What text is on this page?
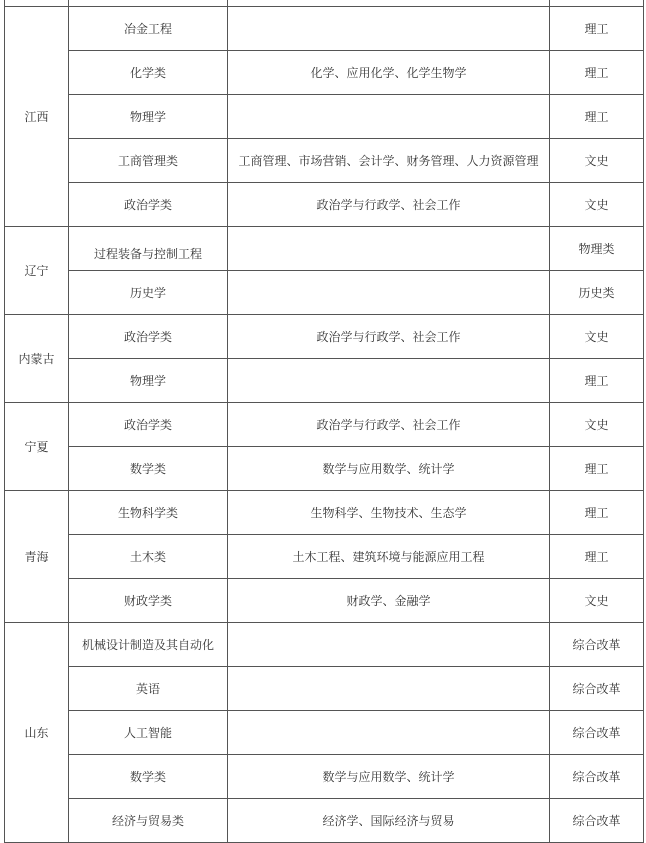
江西	冶金工程		理工
	化学类	化学、应用化学、化学生物学	理工
	物理学		理工
	工商管理类	工商管理、市场营销、会计学、财务管理、人力资源管理	文史
	政治学类	政治学与行政学、社会工作	文史
辽宁	过程装备与控制工程		物理类
	历史学		历史类
内蒙古	政治学类	政治学与行政学、社会工作	文史
	物理学		理工
宁夏	政治学类	政治学与行政学、社会工作	文史
	数学类	数学与应用数学、统计学	理工
青海	生物科学类	生物科学、生物技术、生态学	理工
	土木类	土木工程、建筑环境与能源应用工程	理工
	财政学类	财政学、金融学	文史
山东	机械设计制造及其自动化		综合改革
	英语		综合改革
	人工智能		综合改革
	数学类	数学与应用数学、统计学	综合改革
	经济与贸易类	经济学、国际经济与贸易	综合改革
